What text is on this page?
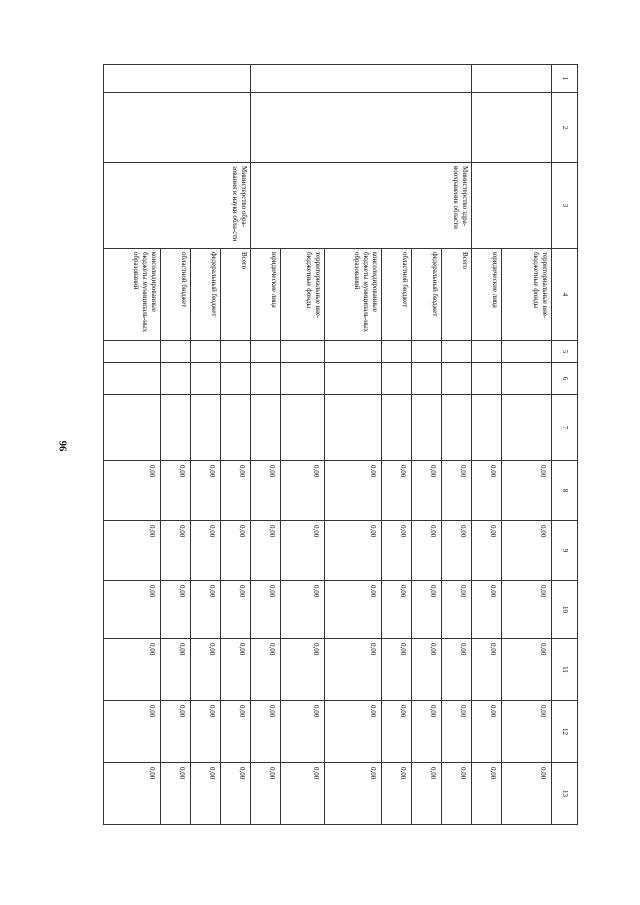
96
1	2	3	4	5	6	7	8	9	10	11	12	13
			территориальные вне-бюджетные фонды				0,00	0,00	0,00	0,00	0,00	0,00
			юридические лица				0,00	0,00	0,00	0,00	0,00	0,00
		Министерство здра-воохранения области	Всего				0,00	0,00	0,00	0,00	0,00	0,00
			федеральный бюджет				0,00	0,00	0,00	0,00	0,00	0,00
			областной бюджет				0,00	0,00	0,00	0,00	0,00	0,00
			консолидированные бюджеты муниципаль-ных образований				0,00	0,00	0,00	0,00	0,00	0,00
			территориальные вне-бюджетные фонды				0,00	0,00	0,00	0,00	0,00	0,00
			юридические лица				0,00	0,00	0,00	0,00	0,00	0,00
		Министерство обра-зования и науки обла-сти	Всего				0,00	0,00	0,00	0,00	0,00	0,00
			федеральный бюджет				0,00	0,00	0,00	0,00	0,00	0,00
			областной бюджет				0,00	0,00	0,00	0,00	0,00	0,00
			консолидированные бюджеты муниципаль-ных образований				0,00	0,00	0,00	0,00	0,00	0,00
